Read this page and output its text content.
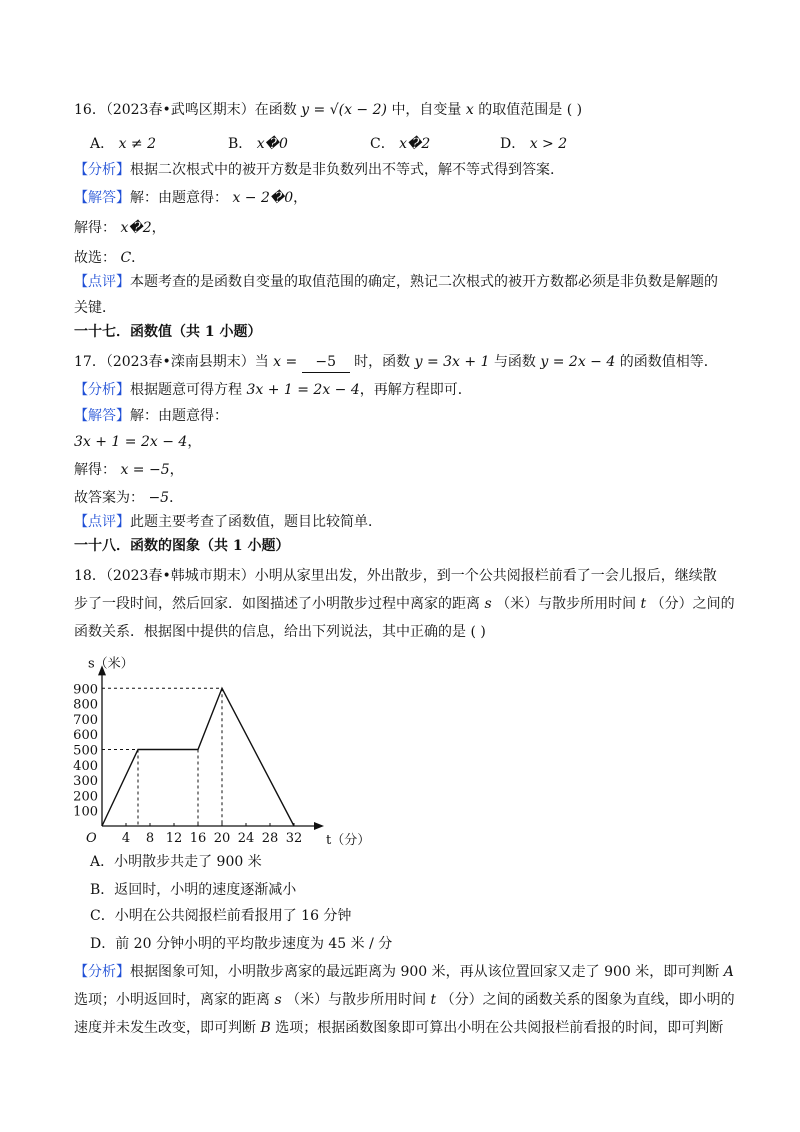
16．（2023春•武鸣区期末）在函数 y = √(x − 2) 中，自变量 x 的取值范围是 ( )
A． x ≠ 2	B． x�0	C． x�2	D． x > 2
【分析】根据二次根式中的被开方数是非负数列出不等式，解不等式得到答案.
【解答】解：由题意得： x − 2�0，
解得： x�2，
故选： C．
【点评】本题考查的是函数自变量的取值范围的确定，熟记二次根式的被开方数都必须是非负数是解题的
关键．
一十七．函数值（共 1 小题）
17．（2023春•滦南县期末）当 x = −5 时，函数 y = 3x + 1 与函数 y = 2x − 4 的函数值相等．
【分析】根据题意可得方程 3x + 1 = 2x − 4，再解方程即可．
【解答】解：由题意得：
3x + 1 = 2x − 4，
解得： x = −5，
故答案为： −5．
【点评】此题主要考查了函数值，题目比较简单．
一十八．函数的图象（共 1 小题）
18．（2023春•韩城市期末）小明从家里出发，外出散步，到一个公共阅报栏前看了一会儿报后，继续散
步了一段时间，然后回家．如图描述了小明散步过程中离家的距离 s （米）与散步所用时间 t （分）之间的
函数关系．根据图中提供的信息，给出下列说法，其中正确的是 ( )
4 8 12 16 20 24 28 32
100
200
300
400
500
600
700
800
900
s（米）
t（分）
O
A．小明散步共走了 900 米
B．返回时，小明的速度逐渐减小
C．小明在公共阅报栏前看报用了 16 分钟
D．前 20 分钟小明的平均散步速度为 45 米 / 分
【分析】根据图象可知，小明散步离家的最远距离为 900 米，再从该位置回家又走了 900 米，即可判断 A
选项；小明返回时，离家的距离 s （米）与散步所用时间 t （分）之间的函数关系的图象为直线，即小明的
速度并未发生改变，即可判断 B 选项；根据函数图象即可算出小明在公共阅报栏前看报的时间，即可判断
